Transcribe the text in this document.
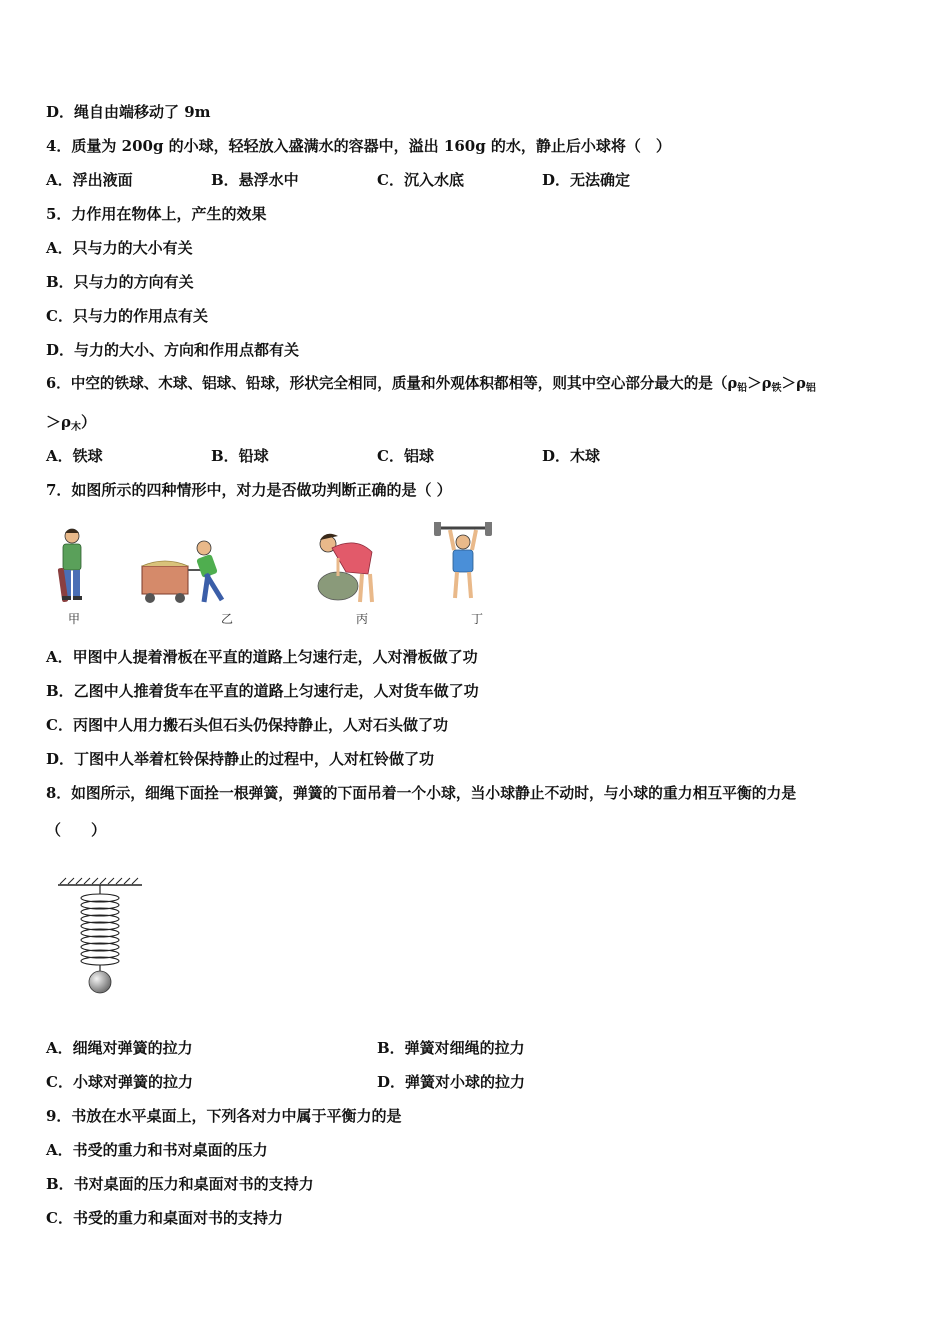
D．绳自由端移动了 9m
4．质量为 200g 的小球，轻轻放入盛满水的容器中，溢出 160g 的水，静止后小球将（　）
A．浮出液面	B．悬浮水中	C．沉入水底	D．无法确定
5．力作用在物体上，产生的效果
A．只与力的大小有关
B．只与力的方向有关
C．只与力的作用点有关
D．与力的大小、方向和作用点都有关
6．中空的铁球、木球、铝球、铅球，形状完全相同，质量和外观体积都相等，则其中空心部分最大的是（$\rho_铅>\rho_铁>\rho_铝$
$>\rho_木$）
A．铁球	B．铅球	C．铝球	D．木球
7．如图所示的四种情形中，对力是否做功判断正确的是（ ）
甲	乙	丙	丁
A．甲图中人提着滑板在平直的道路上匀速行走，人对滑板做了功
B．乙图中人推着货车在平直的道路上匀速行走，人对货车做了功
C．丙图中人用力搬石头但石头仍保持静止，人对石头做了功
D．丁图中人举着杠铃保持静止的过程中，人对杠铃做了功
8．如图所示，细绳下面拴一根弹簧，弹簧的下面吊着一个小球，当小球静止不动时，与小球的重力相互平衡的力是
（　　）
A．细绳对弹簧的拉力	B．弹簧对细绳的拉力
C．小球对弹簧的拉力	D．弹簧对小球的拉力
9．书放在水平桌面上，下列各对力中属于平衡力的是
A．书受的重力和书对桌面的压力
B．书对桌面的压力和桌面对书的支持力
C．书受的重力和桌面对书的支持力
